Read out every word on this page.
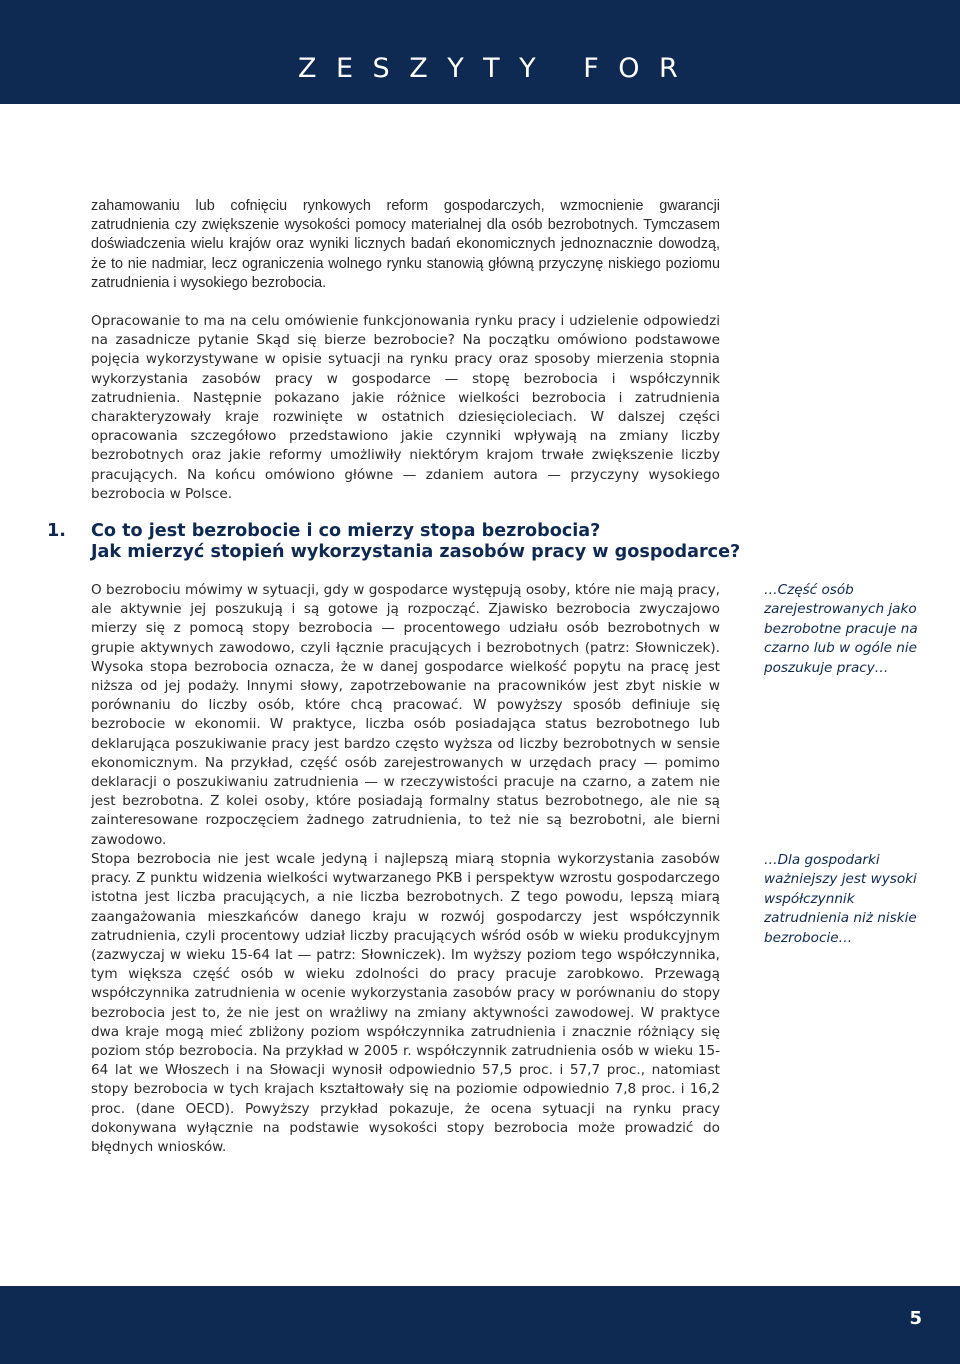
ZESZYTY FOR

zahamowaniu lub cofnięciu rynkowych reform gospodarczych, wzmocnienie gwarancji zatrudnienia czy zwiększenie wysokości pomocy materialnej dla osób bezrobotnych. Tymczasem doświadczenia wielu krajów oraz wyniki licznych badań ekonomicznych jednoznacznie dowodzą, że to nie nadmiar, lecz ograniczenia wolnego rynku stanowią główną przyczynę niskiego poziomu zatrudnienia i wysokiego bezrobocia.

Opracowanie to ma na celu omówienie funkcjonowania rynku pracy i udzielenie odpowiedzi na zasadnicze pytanie Skąd się bierze bezrobocie? Na początku omówiono podstawowe pojęcia wykorzystywane w opisie sytuacji na rynku pracy oraz sposoby mierzenia stopnia wykorzystania zasobów pracy w gospodarce — stopę bezrobocia i współczynnik zatrudnienia. Następnie pokazano jakie różnice wielkości bezrobocia i zatrudnienia charakteryzowały kraje rozwinięte w ostatnich dziesięcioleciach. W dalszej części opracowania szczegółowo przedstawiono jakie czynniki wpływają na zmiany liczby bezrobotnych oraz jakie reformy umożliwiły niektórym krajom trwałe zwiększenie liczby pracujących. Na końcu omówiono główne — zdaniem autora — przyczyny wysokiego bezrobocia w Polsce.

1. Co to jest bezrobocie i co mierzy stopa bezrobocia?
Jak mierzyć stopień wykorzystania zasobów pracy w gospodarce?

O bezrobociu mówimy w sytuacji, gdy w gospodarce występują osoby, które nie mają pracy, ale aktywnie jej poszukują i są gotowe ją rozpocząć. Zjawisko bezrobocia zwyczajowo mierzy się z pomocą stopy bezrobocia — procentowego udziału osób bezrobotnych w grupie aktywnych zawodowo, czyli łącznie pracujących i bezrobotnych (patrz: Słowniczek). Wysoka stopa bezrobocia oznacza, że w danej gospodarce wielkość popytu na pracę jest niższa od jej podaży. Innymi słowy, zapotrzebowanie na pracowników jest zbyt niskie w porównaniu do liczby osób, które chcą pracować. W powyższy sposób definiuje się bezrobocie w ekonomii. W praktyce, liczba osób posiadająca status bezrobotnego lub deklarująca poszukiwanie pracy jest bardzo często wyższa od liczby bezrobotnych w sensie ekonomicznym. Na przykład, część osób zarejestrowanych w urzędach pracy — pomimo deklaracji o poszukiwaniu zatrudnienia — w rzeczywistości pracuje na czarno, a zatem nie jest bezrobotna. Z kolei osoby, które posiadają formalny status bezrobotnego, ale nie są zainteresowane rozpoczęciem żadnego zatrudnienia, to też nie są bezrobotni, ale bierni zawodowo.

Stopa bezrobocia nie jest wcale jedyną i najlepszą miarą stopnia wykorzystania zasobów pracy. Z punktu widzenia wielkości wytwarzanego PKB i perspektyw wzrostu gospodarczego istotna jest liczba pracujących, a nie liczba bezrobotnych. Z tego powodu, lepszą miarą zaangażowania mieszkańców danego kraju w rozwój gospodarczy jest współczynnik zatrudnienia, czyli procentowy udział liczby pracujących wśród osób w wieku produkcyjnym (zazwyczaj w wieku 15-64 lat — patrz: Słowniczek). Im wyższy poziom tego współczynnika, tym większa część osób w wieku zdolności do pracy pracuje zarobkowo. Przewagą współczynnika zatrudnienia w ocenie wykorzystania zasobów pracy w porównaniu do stopy bezrobocia jest to, że nie jest on wrażliwy na zmiany aktywności zawodowej. W praktyce dwa kraje mogą mieć zbliżony poziom współczynnika zatrudnienia i znacznie różniący się poziom stóp bezrobocia. Na przykład w 2005 r. współczynnik zatrudnienia osób w wieku 15-64 lat we Włoszech i na Słowacji wynosił odpowiednio 57,5 proc. i 57,7 proc., natomiast stopy bezrobocia w tych krajach kształtowały się na poziomie odpowiednio 7,8 proc. i 16,2 proc. (dane OECD). Powyższy przykład pokazuje, że ocena sytuacji na rynku pracy dokonywana wyłącznie na podstawie wysokości stopy bezrobocia może prowadzić do błędnych wniosków.

…Część osób zarejestrowanych jako bezrobotne pracuje na czarno lub w ogóle nie poszukuje pracy…

…Dla gospodarki ważniejszy jest wysoki współczynnik zatrudnienia niż niskie bezrobocie…

5
